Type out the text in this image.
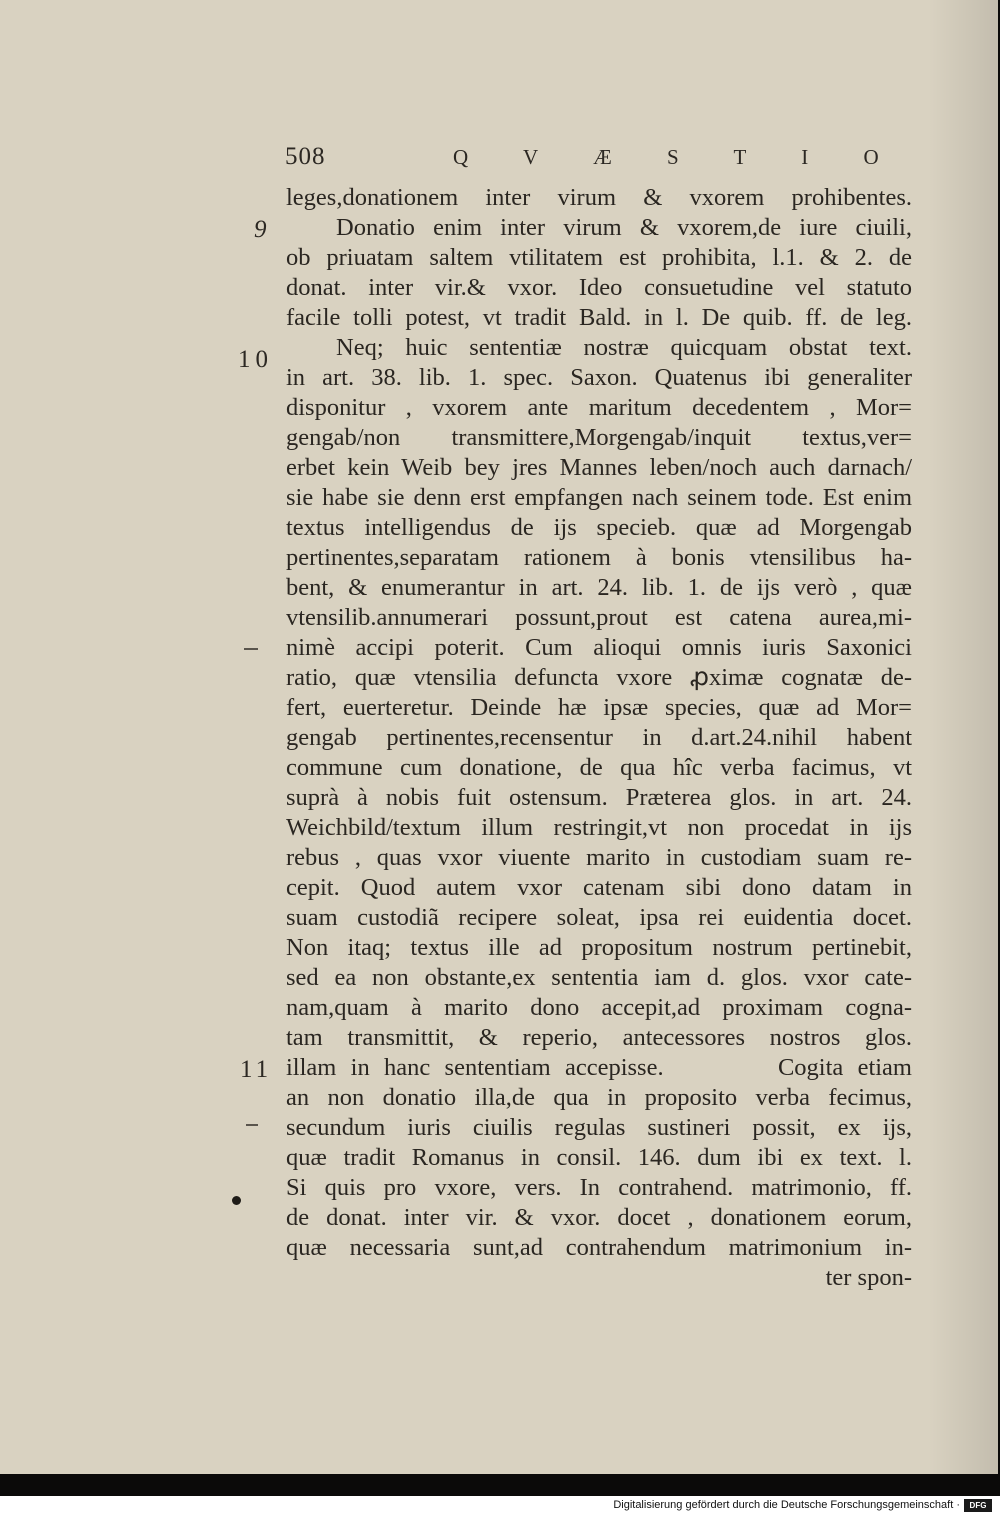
508	Q V Æ S T I O
9
10
11
leges,donationem inter virum & vxorem prohibentes.
Donatio enim inter virum & vxorem,de iure ciuili,
ob priuatam saltem vtilitatem est prohibita, l.1. & 2. de
donat. inter vir.& vxor. Ideo consuetudine vel statuto
facile tolli potest, vt tradit Bald. in l. De quib. ff. de leg.
Neq; huic sententiæ nostræ quicquam obstat text.
in art. 38. lib. 1. spec. Saxon. Quatenus ibi generaliter
disponitur , vxorem ante maritum decedentem , Mor=
gengab/non transmittere,Morgengab/inquit textus,ver=
erbet kein Weib bey jres Mannes leben/noch auch darnach/
sie habe sie denn erst empfangen nach seinem tode. Est enim
textus intelligendus de ijs specieb. quæ ad Morgengab
pertinentes,separatam rationem à bonis vtensilibus ha-
bent, & enumerantur in art. 24. lib. 1. de ijs verò , quæ
vtensilib.annumerari possunt,prout est catena aurea,mi-
nimè accipi poterit. Cum alioqui omnis iuris Saxonici
ratio, quæ vtensilia defuncta vxore ꝓximæ cognatæ de-
fert, euerteretur. Deinde hæ ipsæ species, quæ ad Mor=
gengab pertinentes,recensentur in d.art.24.nihil habent
commune cum donatione, de qua hîc verba facimus, vt
suprà à nobis fuit ostensum. Præterea glos. in art. 24.
Weichbild/textum illum restringit,vt non procedat in ijs
rebus , quas vxor viuente marito in custodiam suam re-
cepit. Quod autem vxor catenam sibi dono datam in
suam custodiã recipere soleat, ipsa rei euidentia docet.
Non itaq; textus ille ad propositum nostrum pertinebit,
sed ea non obstante,ex sententia iam d. glos. vxor cate-
nam,quam à marito dono accepit,ad proximam cogna-
tam transmittit, & reperio, antecessores nostros glos.
illam in hanc sententiam accepisse.        Cogita etiam
an non donatio illa,de qua in proposito verba fecimus,
secundum iuris ciuilis regulas sustineri possit, ex ijs,
quæ tradit Romanus in consil. 146. dum ibi ex text. l.
Si quis pro vxore, vers. In contrahend. matrimonio, ff.
de donat. inter vir. & vxor. docet , donationem eorum,
quæ necessaria sunt,ad contrahendum matrimonium in-
ter spon-
Digitalisierung gefördert durch die Deutsche Forschungsgemeinschaft ·	DFG
